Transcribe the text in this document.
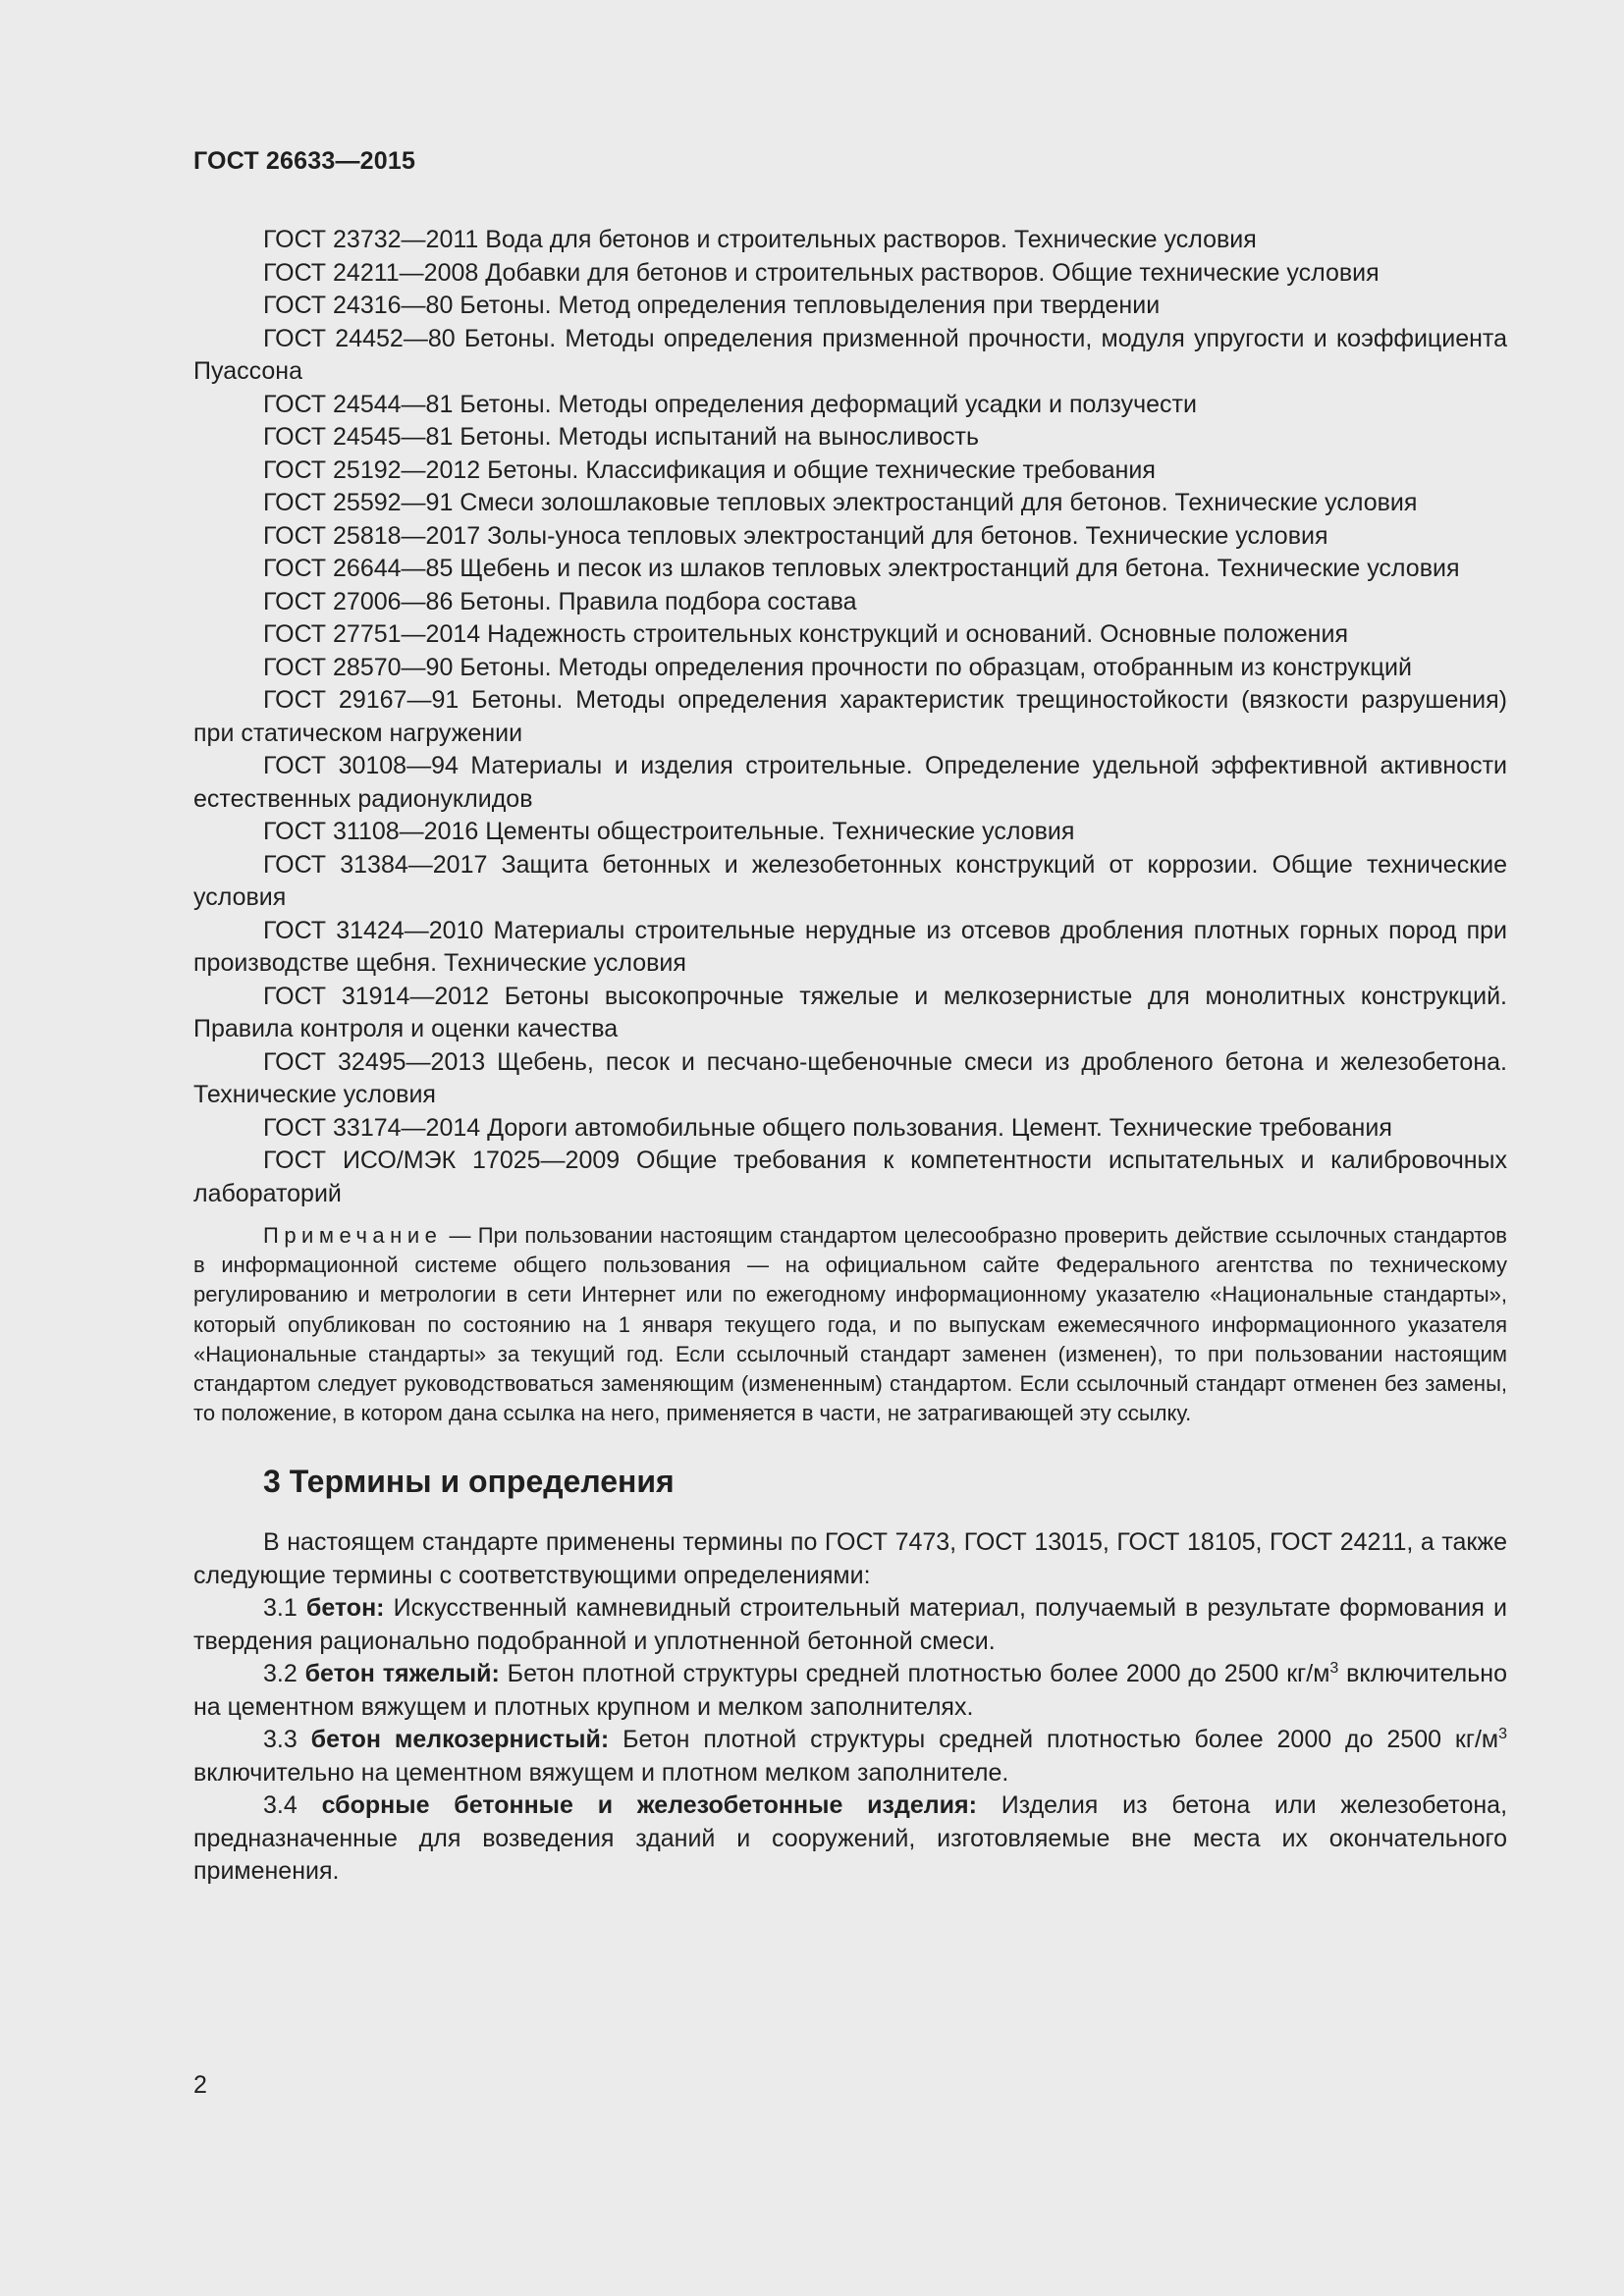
ГОСТ 26633—2015

ГОСТ 23732—2011 Вода для бетонов и строительных растворов. Технические условия

ГОСТ 24211—2008 Добавки для бетонов и строительных растворов. Общие технические условия

ГОСТ 24316—80 Бетоны. Метод определения тепловыделения при твердении

ГОСТ 24452—80 Бетоны. Методы определения призменной прочности, модуля упругости и коэффициента Пуассона

ГОСТ 24544—81 Бетоны. Методы определения деформаций усадки и ползучести

ГОСТ 24545—81 Бетоны. Методы испытаний на выносливость

ГОСТ 25192—2012 Бетоны. Классификация и общие технические требования

ГОСТ 25592—91 Смеси золошлаковые тепловых электростанций для бетонов. Технические условия

ГОСТ 25818—2017 Золы-уноса тепловых электростанций для бетонов. Технические условия

ГОСТ 26644—85 Щебень и песок из шлаков тепловых электростанций для бетона. Технические условия

ГОСТ 27006—86 Бетоны. Правила подбора состава

ГОСТ 27751—2014 Надежность строительных конструкций и оснований. Основные положения

ГОСТ 28570—90 Бетоны. Методы определения прочности по образцам, отобранным из конструкций

ГОСТ 29167—91 Бетоны. Методы определения характеристик трещиностойкости (вязкости разрушения) при статическом нагружении

ГОСТ 30108—94 Материалы и изделия строительные. Определение удельной эффективной активности естественных радионуклидов

ГОСТ 31108—2016 Цементы общестроительные. Технические условия

ГОСТ 31384—2017 Защита бетонных и железобетонных конструкций от коррозии. Общие технические условия

ГОСТ 31424—2010 Материалы строительные нерудные из отсевов дробления плотных горных пород при производстве щебня. Технические условия

ГОСТ 31914—2012 Бетоны высокопрочные тяжелые и мелкозернистые для монолитных конструкций. Правила контроля и оценки качества

ГОСТ 32495—2013 Щебень, песок и песчано-щебеночные смеси из дробленого бетона и железобетона. Технические условия

ГОСТ 33174—2014 Дороги автомобильные общего пользования. Цемент. Технические требования

ГОСТ ИСО/МЭК 17025—2009 Общие требования к компетентности испытательных и калибровочных лабораторий

Примечание — При пользовании настоящим стандартом целесообразно проверить действие ссылочных стандартов в информационной системе общего пользования — на официальном сайте Федерального агентства по техническому регулированию и метрологии в сети Интернет или по ежегодному информационному указателю «Национальные стандарты», который опубликован по состоянию на 1 января текущего года, и по выпускам ежемесячного информационного указателя «Национальные стандарты» за текущий год. Если ссылочный стандарт заменен (изменен), то при пользовании настоящим стандартом следует руководствоваться заменяющим (измененным) стандартом. Если ссылочный стандарт отменен без замены, то положение, в котором дана ссылка на него, применяется в части, не затрагивающей эту ссылку.

3 Термины и определения

В настоящем стандарте применены термины по ГОСТ 7473, ГОСТ 13015, ГОСТ 18105, ГОСТ 24211, а также следующие термины с соответствующими определениями:

3.1 бетон: Искусственный камневидный строительный материал, получаемый в результате формования и твердения рационально подобранной и уплотненной бетонной смеси.

3.2 бетон тяжелый: Бетон плотной структуры средней плотностью более 2000 до 2500 $кг/м^3$ включительно на цементном вяжущем и плотных крупном и мелком заполнителях.

3.3 бетон мелкозернистый: Бетон плотной структуры средней плотностью более 2000 до 2500 $кг/м^3$ включительно на цементном вяжущем и плотном мелком заполнителе.

3.4 сборные бетонные и железобетонные изделия: Изделия из бетона или железобетона, предназначенные для возведения зданий и сооружений, изготовляемые вне места их окончательного применения.

2
